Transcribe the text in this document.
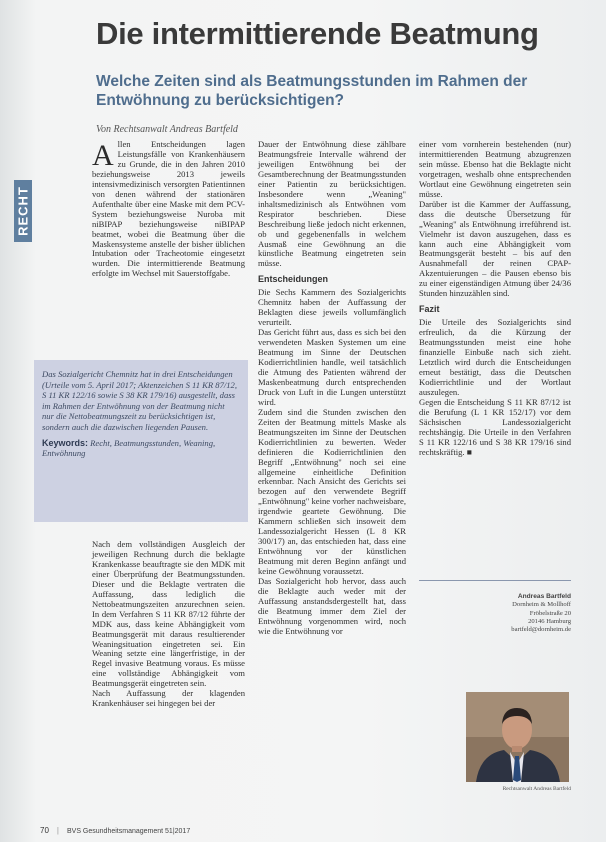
Die intermittierende Beatmung
Welche Zeiten sind als Beatmungsstunden im Rahmen der Entwöhnung zu berücksichtigen?
Von Rechtsanwalt Andreas Bartfeld
RECHT
A llen Entscheidungen lagen Leistungsfälle von Krankenhäusern zu Grunde, die in den Jahren 2010 beziehungsweise 2013 jeweils intensivmedizinisch versorgten Patientinnen von denen während der stationären Aufenthalte über eine Maske mit dem PCV-System beziehungsweise Nuroba mit niBIPAP beziehungsweise niBIPAP beatmet, wobei die Beatmung über die Maskensysteme anstelle der bisher üblichen Intubation oder Tracheotomie eingesetzt wurden. Die intermittierende Beatmung erfolgte im Wechsel mit Sauerstoffgabe.

Das Sozialgericht Chemnitz hat in drei Entscheidungen (Urteile vom 5. April 2017; Aktenzeichen S 11 KR 87/12, S 11 KR 122/16 sowie S 38 KR 179/16) ausgestellt, dass im Rahmen der Entwöhnung von der Beatmung nicht nur die Nettobeatmungszeit zu berücksichtigen ist, sondern auch die dazwischen liegenden Pausen.
Keywords: Recht, Beatmungsstunden, Weaning, Entwöhnung

Dauer der Entwöhnung diese zählbare Beatmungsfreie Intervalle während der jeweiligen Entwöhnung bei der Gesamtberechnung der Beatmungsstunden einer Patientin zu berücksichtigen. Insbesondere wenn „Weaning" inhaltsmedizinisch als Entwöhnen vom Respirator beschrieben. Diese Beschreibung ließe jedoch nicht erkennen, ob und gegebenenfalls in welchem Ausmaß eine Gewöhnung an die künstliche Beatmung eingetreten sein müsse.

Entscheidungen

Die Sechs Kammern des Sozialgerichts Chemnitz haben der Auffassung der Beklagten diese jeweils vollumfänglich verurteilt.

Das Gericht führt aus, dass es sich bei den verwendeten Masken Systemen um eine Beatmung im Sinne der Deutschen Kodierrichtlinien handle, weil tatsächlich die Atmung des Patienten während der Maskenbeatmung durch entsprechenden Druck von Luft in die Lungen unterstützt wird.

Zudem sind die Stunden zwischen den Zeiten der Beatmung mittels Maske als Beatmungszeiten im Sinne der Deutschen Kodierrichtlinien zu bewerten. Weder definieren die Kodierrichtlinien den Begriff „Entwöhnung" noch sei eine allgemeine einheitliche Definition erkennbar. Nach Ansicht des Gerichts sei bezogen auf den verwendete Begriff „Entwöhnung" keine vorher nachweisbare, irgendwie geartete Gewöhnung. Die Kammern schließen sich insoweit dem Landessozialgericht Hessen (L 8 KR 300/17) an, das entschieden hat, dass eine Entwöhnung vor der künstlichen Beatmung mit deren Beginn anfängt und keine Gewöhnung voraussetzt.

Das Sozialgericht hob hervor, dass auch die Beklagte auch weder mit der Auffassung anstandsdergestellt hat, dass die Beatmung immer dem Ziel der Entwöhnung vorgenommen wird, noch wie die Entwöhnung vor

einer vom vornherein bestehenden (nur) intermittierenden Beatmung abzugrenzen sein müsse. Ebenso hat die Beklagte nicht vorgetragen, weshalb ohne entsprechenden Wortlaut eine Gewöhnung eingetreten sein müsse.

Darüber ist die Kammer der Auffassung, dass die deutsche Übersetzung für „Weaning" als Entwöhnung irreführend ist. Vielmehr ist davon auszugehen, dass es kann auch eine Abhängigkeit vom Beatmungsgerät besteht – bis auf den Ausnahmefall der reinen CPAP-Akzentuierungen – die Pausen ebenso bis zu einer eigenständigen Atmung über 24/36 Stunden hinzuzählen sind.

Fazit

Die Urteile des Sozialgerichts sind erfreulich, da die Kürzung der Beatmungsstunden meist eine hohe finanzielle Einbuße nach sich zieht. Letztlich wird durch die Entscheidungen erneut bestätigt, dass die Deutschen Kodierrichtlinie und der Wortlaut auszulegen.

Gegen die Entscheidung S 11 KR 87/12 ist die Berufung (L 1 KR 152/17) vor dem Sächsischen Landessozialgericht rechtshängig. Die Urteile in den Verfahren S 11 KR 122/16 und S 38 KR 179/16 sind rechtskräftig. ■

Nach dem vollständigen Ausgleich der jeweiligen Rechnung durch die beklagte Krankenkasse beauftragte sie den MDK mit einer Überprüfung der Beatmungsstunden. Dieser und die Beklagte vertraten die Auffassung, dass lediglich die Nettobeatmungszeiten anzurechnen seien. In dem Verfahren S 11 KR 87/12 führte der MDK aus, dass keine Abhängigkeit vom Beatmungsgerät mit daraus resultierender Weaningsituation eingetreten sei. Ein Weaning setzte eine längerfristige, in der Regel invasive Beatmung voraus. Es müsse eine vollständige Abhängigkeit vom Beatmungsgerät eingetreten sein.

Nach Auffassung der klagenden Krankenhäuser sei hingegen bei der

Andreas Bartfeld
Dornheim & Mollhoff
Fröbelstraße 20
20146 Hamburg
bartfeld@dornheim.de
Rechtsanwalt Andreas Bartfeld
70 | BVS Gesundheitsmanagement 51|2017
